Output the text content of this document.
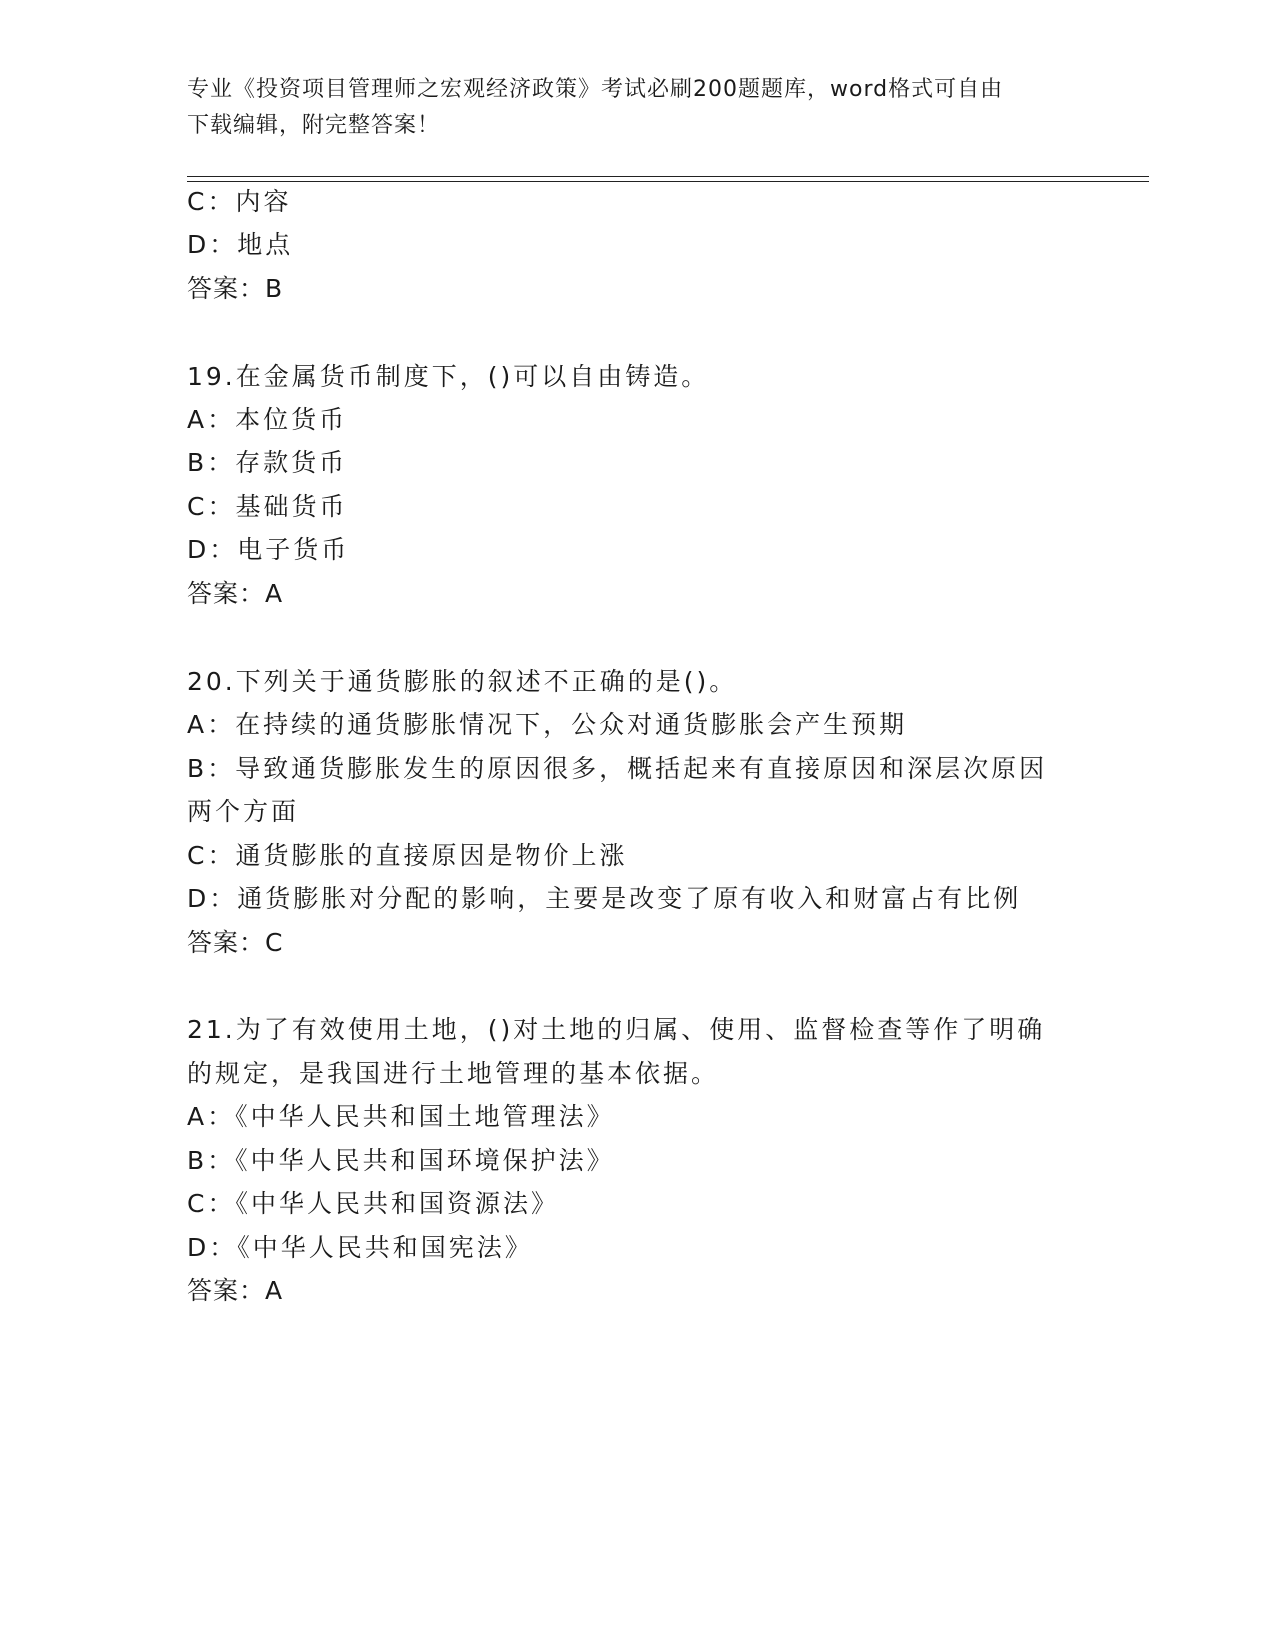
专业《投资项目管理师之宏观经济政策》考试必刷200题题库，word格式可自由
下载编辑，附完整答案！
C：内容
D：地点
答案：B
19.在金属货币制度下，()可以自由铸造。
A：本位货币
B：存款货币
C：基础货币
D：电子货币
答案：A
20.下列关于通货膨胀的叙述不正确的是()。
A：在持续的通货膨胀情况下，公众对通货膨胀会产生预期
B：导致通货膨胀发生的原因很多，概括起来有直接原因和深层次原因
两个方面
C：通货膨胀的直接原因是物价上涨
D：通货膨胀对分配的影响，主要是改变了原有收入和财富占有比例
答案：C
21.为了有效使用土地，()对土地的归属、使用、监督检查等作了明确
的规定，是我国进行土地管理的基本依据。
A：《中华人民共和国土地管理法》
B：《中华人民共和国环境保护法》
C：《中华人民共和国资源法》
D：《中华人民共和国宪法》
答案：A
